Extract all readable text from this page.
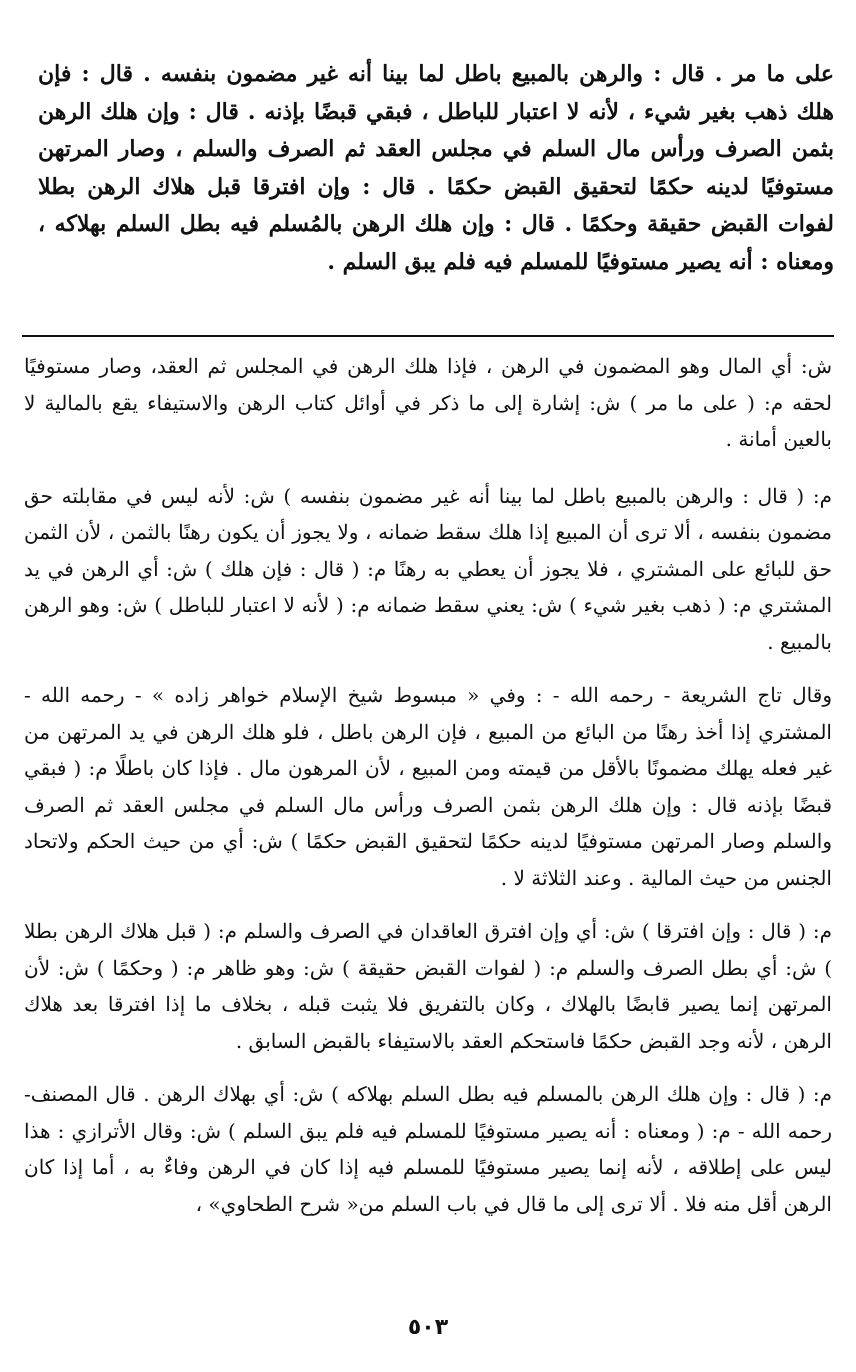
على ما مر . قال : والرهن بالمبيع باطل لما بينا أنه غير مضمون بنفسه . قال : فإن هلك ذهب بغير شيء ، لأنه لا اعتبار للباطل ، فبقي قبضًا بإذنه . قال : وإن هلك الرهن بثمن الصرف ورأس مال السلم في مجلس العقد ثم الصرف والسلم ، وصار المرتهن مستوفيًا لدينه حكمًا لتحقيق القبض حكمًا . قال : وإن افترقا قبل هلاك الرهن بطلا لفوات القبض حقيقة وحكمًا . قال : وإن هلك الرهن بالمُسلم فيه بطل السلم بهلاكه ، ومعناه : أنه يصير مستوفيًا للمسلم فيه فلم يبق السلم .

ش: أي المال وهو المضمون في الرهن ، فإذا هلك الرهن في المجلس ثم العقد، وصار مستوفيًا لحقه م: ( على ما مر ) ش: إشارة إلى ما ذكر في أوائل كتاب الرهن والاستيفاء يقع بالمالية لا بالعين أمانة .

م: ( قال : والرهن بالمبيع باطل لما بينا أنه غير مضمون بنفسه ) ش: لأنه ليس في مقابلته حق مضمون بنفسه ، ألا ترى أن المبيع إذا هلك سقط ضمانه ، ولا يجوز أن يكون رهنًا بالثمن ، لأن الثمن حق للبائع على المشتري ، فلا يجوز أن يعطي به رهنًا م: ( قال : فإن هلك ) ش: أي الرهن في يد المشتري م: ( ذهب بغير شيء ) ش: يعني سقط ضمانه م: ( لأنه لا اعتبار للباطل ) ش: وهو الرهن بالمبيع .

وقال تاج الشريعة - رحمه الله - : وفي « مبسوط شيخ الإسلام خواهر زاده » - رحمه الله - المشتري إذا أخذ رهنًا من البائع من المبيع ، فإن الرهن باطل ، فلو هلك الرهن في يد المرتهن من غير فعله يهلك مضمونًا بالأقل من قيمته ومن المبيع ، لأن المرهون مال . فإذا كان باطلًا م: ( فبقي قبضًا بإذنه قال : وإن هلك الرهن بثمن الصرف ورأس مال السلم في مجلس العقد ثم الصرف والسلم وصار المرتهن مستوفيًا لدينه حكمًا لتحقيق القبض حكمًا ) ش: أي من حيث الحكم ولاتحاد الجنس من حيث المالية . وعند الثلاثة لا .

م: ( قال : وإن افترقا ) ش: أي وإن افترق العاقدان في الصرف والسلم م: ( قبل هلاك الرهن بطلا ) ش: أي بطل الصرف والسلم م: ( لفوات القبض حقيقة ) ش: وهو ظاهر م: ( وحكمًا ) ش: لأن المرتهن إنما يصير قابضًا بالهلاك ، وكان بالتفريق فلا يثبت قبله ، بخلاف ما إذا افترقا بعد هلاك الرهن ، لأنه وجد القبض حكمًا فاستحكم العقد بالاستيفاء بالقبض السابق .

م: ( قال : وإن هلك الرهن بالمسلم فيه بطل السلم بهلاكه ) ش: أي بهلاك الرهن . قال المصنف- رحمه الله - م: ( ومعناه : أنه يصير مستوفيًا للمسلم فيه فلم يبق السلم ) ش: وقال الأترازي : هذا ليس على إطلاقه ، لأنه إنما يصير مستوفيًا للمسلم فيه إذا كان في الرهن وفاءٌ به ، أما إذا كان الرهن أقل منه فلا . ألا ترى إلى ما قال في باب السلم من« شرح الطحاوي» ،

٥٠٣
